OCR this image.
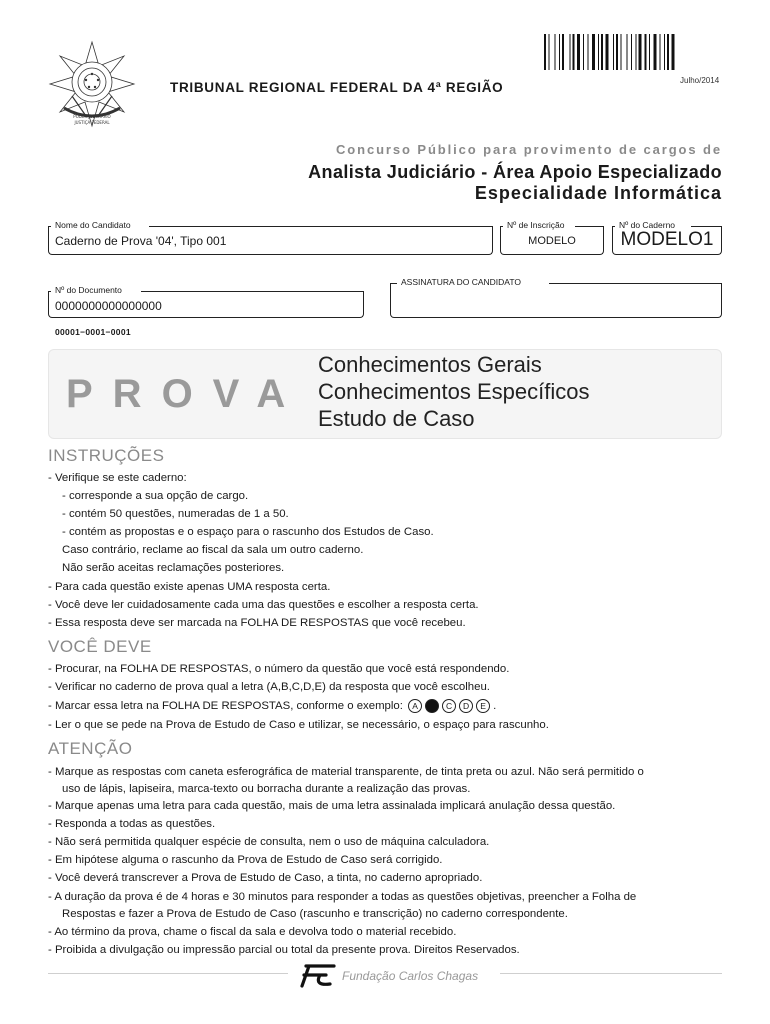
PODER JUDICIÁRIO
JUSTIÇA FEDERAL
TRIBUNAL REGIONAL FEDERAL DA 4ª REGIÃO	Julho/2014
Concurso Público para provimento de cargos de
Analista Judiciário - Área Apoio Especializado
Especialidade Informática
Nome do Candidato
Caderno de Prova '04', Tipo 001
Nº de Inscrição
MODELO
Nº do Caderno
MODELO1
Nº do Documento
0000000000000000
ASSINATURA DO CANDIDATO
00001−0001−0001
PROVA
Conhecimentos Gerais
Conhecimentos Específicos
Estudo de Caso
INSTRUÇÕES
- Verifique se este caderno:
- corresponde a sua opção de cargo.
- contém 50 questões, numeradas de 1 a 50.
- contém as propostas e o espaço para o rascunho dos Estudos de Caso.
Caso contrário, reclame ao fiscal da sala um outro caderno.
Não serão aceitas reclamações posteriores.
- Para cada questão existe apenas UMA resposta certa.
- Você deve ler cuidadosamente cada uma das questões e escolher a resposta certa.
- Essa resposta deve ser marcada na FOLHA DE RESPOSTAS que você recebeu.
VOCÊ DEVE
- Procurar, na FOLHA DE RESPOSTAS, o número da questão que você está respondendo.
- Verificar no caderno de prova qual a letra (A,B,C,D,E) da resposta que você escolheu.
- Marcar essa letra na FOLHA DE RESPOSTAS, conforme o exemplo: A	C D E .
- Ler o que se pede na Prova de Estudo de Caso e utilizar, se necessário, o espaço para rascunho.
ATENÇÃO
- Marque as respostas com caneta esferográfica de material transparente, de tinta preta ou azul. Não será permitido o
uso de lápis, lapiseira, marca-texto ou borracha durante a realização das provas.
- Marque apenas uma letra para cada questão, mais de uma letra assinalada implicará anulação dessa questão.
- Responda a todas as questões.
- Não será permitida qualquer espécie de consulta, nem o uso de máquina calculadora.
- Em hipótese alguma o rascunho da Prova de Estudo de Caso será corrigido.
- Você deverá transcrever a Prova de Estudo de Caso, a tinta, no caderno apropriado.
- A duração da prova é de 4 horas e 30 minutos para responder a todas as questões objetivas, preencher a Folha de
Respostas e fazer a Prova de Estudo de Caso (rascunho e transcrição) no caderno correspondente.
- Ao término da prova, chame o fiscal da sala e devolva todo o material recebido.
- Proibida a divulgação ou impressão parcial ou total da presente prova. Direitos Reservados.
Fundação Carlos Chagas
